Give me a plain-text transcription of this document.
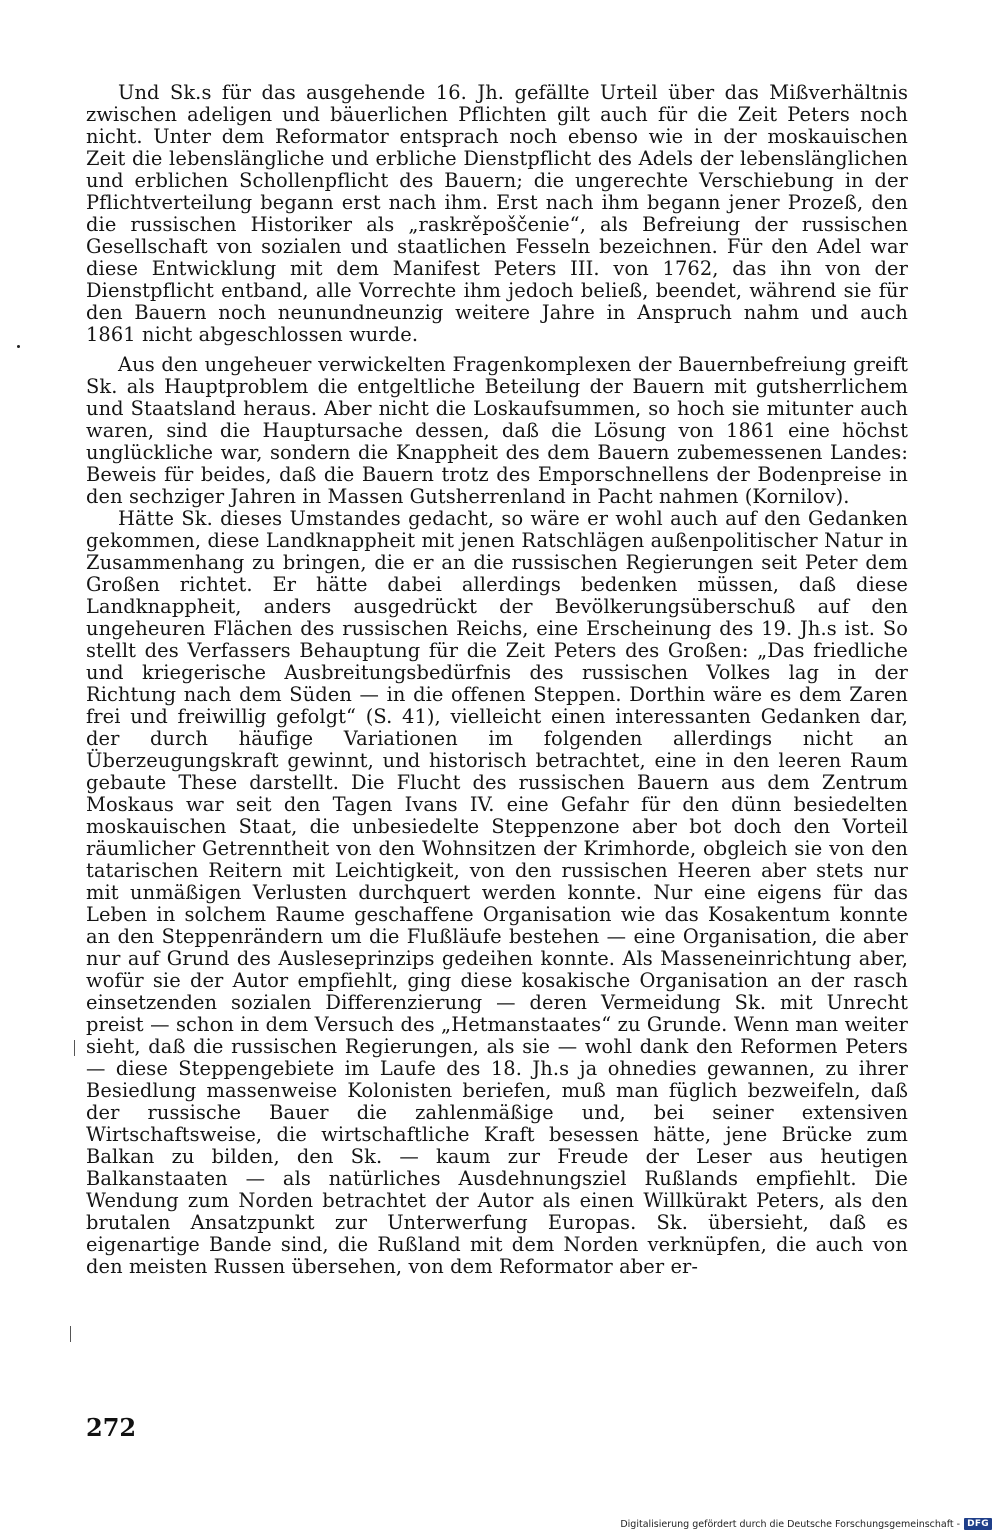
Und Sk.s für das ausgehende 16. Jh. gefällte Urteil über das Mißverhältnis zwischen adeligen und bäuerlichen Pflichten gilt auch für die Zeit Peters noch nicht. Unter dem Reformator entsprach noch ebenso wie in der moskauischen Zeit die lebenslängliche und erbliche Dienstpflicht des Adels der lebenslänglichen und erblichen Schollenpflicht des Bauern; die ungerechte Verschiebung in der Pflichtverteilung begann erst nach ihm. Erst nach ihm begann jener Prozeß, den die russischen Historiker als „raskrěpoščenie“, als Befreiung der russischen Gesellschaft von sozialen und staatlichen Fesseln bezeichnen. Für den Adel war diese Entwicklung mit dem Manifest Peters III. von 1762, das ihn von der Dienstpflicht entband, alle Vorrechte ihm jedoch beließ, beendet, während sie für den Bauern noch neunundneunzig weitere Jahre in Anspruch nahm und auch 1861 nicht abgeschlossen wurde.

Aus den ungeheuer verwickelten Fragenkomplexen der Bauernbefreiung greift Sk. als Hauptproblem die entgeltliche Beteilung der Bauern mit gutsherrlichem und Staatsland heraus. Aber nicht die Loskaufsummen, so hoch sie mitunter auch waren, sind die Hauptursache dessen, daß die Lösung von 1861 eine höchst unglückliche war, sondern die Knappheit des dem Bauern zubemessenen Landes: Beweis für beides, daß die Bauern trotz des Emporschnellens der Bodenpreise in den sechziger Jahren in Massen Gutsherrenland in Pacht nahmen (Kornilov).

Hätte Sk. dieses Umstandes gedacht, so wäre er wohl auch auf den Gedanken gekommen, diese Landknappheit mit jenen Ratschlägen außenpolitischer Natur in Zusammenhang zu bringen, die er an die russischen Regierungen seit Peter dem Großen richtet. Er hätte dabei allerdings bedenken müssen, daß diese Landknappheit, anders ausgedrückt der Bevölkerungsüberschuß auf den ungeheuren Flächen des russischen Reichs, eine Erscheinung des 19. Jh.s ist. So stellt des Verfassers Behauptung für die Zeit Peters des Großen: „Das friedliche und kriegerische Ausbreitungsbedürfnis des russischen Volkes lag in der Richtung nach dem Süden — in die offenen Steppen. Dorthin wäre es dem Zaren frei und freiwillig gefolgt“ (S. 41), vielleicht einen interessanten Gedanken dar, der durch häufige Variationen im folgenden allerdings nicht an Überzeugungskraft gewinnt, und historisch betrachtet, eine in den leeren Raum gebaute These darstellt. Die Flucht des russischen Bauern aus dem Zentrum Moskaus war seit den Tagen Ivans IV. eine Gefahr für den dünn besiedelten moskauischen Staat, die unbesiedelte Steppenzone aber bot doch den Vorteil räumlicher Getrenntheit von den Wohnsitzen der Krimhorde, obgleich sie von den tatarischen Reitern mit Leichtigkeit, von den russischen Heeren aber stets nur mit unmäßigen Verlusten durchquert werden konnte. Nur eine eigens für das Leben in solchem Raume geschaffene Organisation wie das Kosakentum konnte an den Steppenrändern um die Flußläufe bestehen — eine Organisation, die aber nur auf Grund des Ausleseprinzips gedeihen konnte. Als Masseneinrichtung aber, wofür sie der Autor empfiehlt, ging diese kosakische Organisation an der rasch einsetzenden sozialen Differenzierung — deren Vermeidung Sk. mit Unrecht preist — schon in dem Versuch des „Hetmanstaates“ zu Grunde. Wenn man weiter sieht, daß die russischen Regierungen, als sie — wohl dank den Reformen Peters — diese Steppengebiete im Laufe des 18. Jh.s ja ohnedies gewannen, zu ihrer Besiedlung massenweise Kolonisten beriefen, muß man füglich bezweifeln, daß der russische Bauer die zahlenmäßige und, bei seiner extensiven Wirtschaftsweise, die wirtschaftliche Kraft besessen hätte, jene Brücke zum Balkan zu bilden, den Sk. — kaum zur Freude der Leser aus heutigen Balkanstaaten — als natürliches Ausdehnungsziel Rußlands empfiehlt. Die Wendung zum Norden betrachtet der Autor als einen Willkürakt Peters, als den brutalen Ansatzpunkt zur Unterwerfung Europas. Sk. übersieht, daß es eigenartige Bande sind, die Rußland mit dem Norden verknüpfen, die auch von den meisten Russen übersehen, von dem Reformator aber er-

272
Digitalisierung gefördert durch die Deutsche Forschungsgemeinschaft - DFG
